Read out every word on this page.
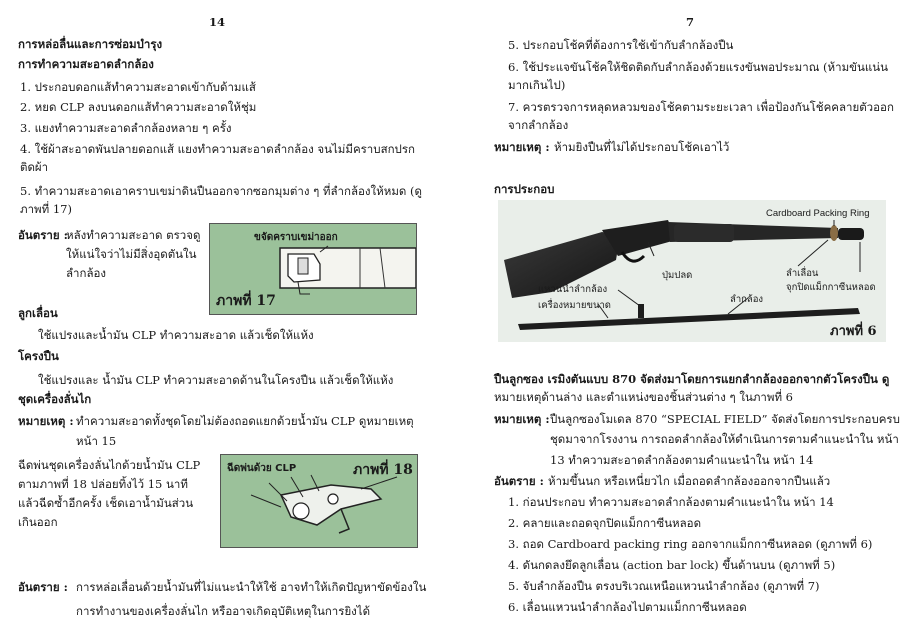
14
การหล่อลื่นและการซ่อมบำรุง
การทำความสะอาดลำกล้อง
1. ประกอบดอกแส้ทำความสะอาดเข้ากับด้ามแส้
2. หยด CLP ลงบนดอกแส้ทำความสะอาดให้ชุ่ม
3. แยงทำความสะอาดลำกล้องหลาย ๆ ครั้ง
4. ใช้ผ้าสะอาดพันปลายดอกแส้ แยงทำความสะอาดลำกล้อง จนไม่มีคราบสกปรก
ติดผ้า
5. ทำความสะอาดเอาคราบเขม่าดินปืนออกจากซอกมุมต่าง ๆ ที่ลำกล้องให้หมด (ดู
ภาพที่ 17)
อันตราย :
หลังทำความสะอาด ตรวจดู
ให้แน่ใจว่าไม่มีสิ่งอุดตันใน
ลำกล้อง
ขจัดคราบเขม่าออก
ภาพที่ 17
ลูกเลื่อน
ใช้แปรงและน้ำมัน CLP ทำความสะอาด แล้วเช็ดให้แห้ง
โครงปืน
ใช้แปรงและ น้ำมัน CLP ทำความสะอาดด้านในโครงปืน แล้วเช็ดให้แห้ง
ชุดเครื่องลั่นไก
หมายเหตุ : ทำความสะอาดทั้งชุดโดยไม่ต้องถอดแยกด้วยน้ำมัน CLP ดูหมายเหตุ
หน้า 15
ฉีดพ่นชุดเครื่องลั่นไกด้วยน้ำมัน CLP
ตามภาพที่ 18 ปล่อยทิ้งไว้ 15 นาที
แล้วฉีดซ้ำอีกครั้ง เช็ดเอาน้ำมันส่วน
เกินออก
ฉีดพ่นด้วย CLP	ภาพที่ 18
อันตราย : การหล่อเลื่อนด้วยน้ำมันที่ไม่แนะนำให้ใช้ อาจทำให้เกิดปัญหาขัดข้องใน
การทำงานของเครื่องลั่นไก หรืออาจเกิดอุบัติเหตุในการยิงได้
7
5. ประกอบโช้คที่ต้องการใช้เข้ากับลำกล้องปืน
6. ใช้ประแจขันโช้คให้ชิดติดกับลำกล้องด้วยแรงขันพอประมาณ (ห้ามขันแน่น
มากเกินไป)
7. ควรตรวจการหลุดหลวมของโช้คตามระยะเวลา เพื่อป้องกันโช้คคลายตัวออก
จากลำกล้อง
หมายเหตุ : ห้ามยิงปืนที่ไม่ได้ประกอบโช้คเอาไว้
การประกอบ
Cardboard Packing Ring
ปุ่มปลด	ลำเลื่อน
จุกปิดแม็กกาซีนหลอด
แหวนนำลำกล้อง
เครื่องหมายขนาด
ลำกล้อง
ภาพที่ 6
ปืนลูกซอง เรมิงตันแบบ 870 จัดส่งมาโดยการแยกลำกล้องออกจากตัวโครงปืน ดู
หมายเหตุด้านล่าง และตำแหน่งของชิ้นส่วนต่าง ๆ ในภาพที่ 6
หมายเหตุ : ปืนลูกซองโมเดล 870 “SPECIAL FIELD” จัดส่งโดยการประกอบครบ
ชุดมาจากโรงงาน การถอดลำกล้องให้ดำเนินการตามคำแนะนำใน หน้า
13 ทำความสะอาดลำกล้องตามคำแนะนำใน หน้า 14
อันตราย : ห้ามขึ้นนก หรือเหนี่ยวไก เมื่อถอดลำกล้องออกจากปืนแล้ว
1. ก่อนประกอบ ทำความสะอาดลำกล้องตามคำแนะนำใน หน้า 14
2. คลายและถอดจุกปิดแม็กกาซีนหลอด
3. ถอด Cardboard packing ring ออกจากแม็กกาซีนหลอด (ดูภาพที่ 6)
4. ดันกดลงยึดลูกเลื่อน (action bar lock) ขึ้นด้านบน (ดูภาพที่ 5)
5. จับลำกล้องปืน ตรงบริเวณเหนือแหวนนำลำกล้อง (ดูภาพที่ 7)
6. เลื่อนแหวนนำลำกล้องไปตามแม็กกาซีนหลอด
